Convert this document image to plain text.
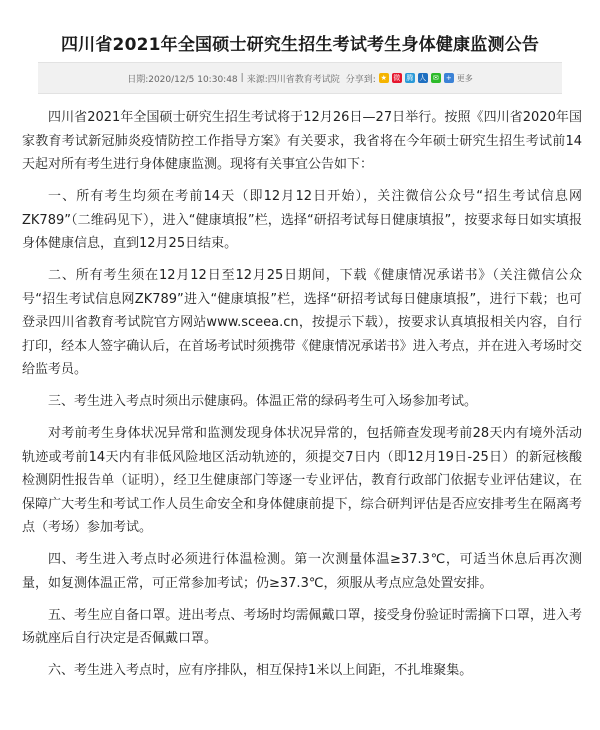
四川省2021年全国硕士研究生招生考试考生身体健康监测公告
日期:2020/12/5 10:30:48 | 来源:四川省教育考试院 分享到: ★ 微 腾 人 ✉ + 更多

四川省2021年全国硕士研究生招生考试将于12月26日—27日举行。按照《四川省2020年国家教育考试新冠肺炎疫情防控工作指导方案》有关要求，我省将在今年硕士研究生招生考试前14天起对所有考生进行身体健康监测。现将有关事宜公告如下：

一、所有考生均须在考前14天（即12月12日开始），关注微信公众号“招生考试信息网ZK789”（二维码见下），进入“健康填报”栏，选择“研招考试每日健康填报”，按要求每日如实填报身体健康信息，直到12月25日结束。

二、所有考生须在12月12日至12月25日期间，下载《健康情况承诺书》（关注微信公众号“招生考试信息网ZK789”进入“健康填报”栏，选择“研招考试每日健康填报”，进行下载；也可登录四川省教育考试院官方网站www.sceea.cn，按提示下载），按要求认真填报相关内容，自行打印，经本人签字确认后，在首场考试时须携带《健康情况承诺书》进入考点，并在进入考场时交给监考员。

三、考生进入考点时须出示健康码。体温正常的绿码考生可入场参加考试。

对考前考生身体状况异常和监测发现身体状况异常的，包括筛查发现考前28天内有境外活动轨迹或考前14天内有非低风险地区活动轨迹的，须提交7日内（即12月19日-25日）的新冠核酸检测阴性报告单（证明），经卫生健康部门等逐一专业评估，教育行政部门依据专业评估建议，在保障广大考生和考试工作人员生命安全和身体健康前提下，综合研判评估是否应安排考生在隔离考点（考场）参加考试。

四、考生进入考点时必须进行体温检测。第一次测量体温≥37.3℃，可适当休息后再次测量，如复测体温正常，可正常参加考试；仍≥37.3℃，须服从考点应急处置安排。

五、考生应自备口罩。进出考点、考场时均需佩戴口罩，接受身份验证时需摘下口罩，进入考场就座后自行决定是否佩戴口罩。

六、考生进入考点时，应有序排队，相互保持1米以上间距，不扎堆聚集。
